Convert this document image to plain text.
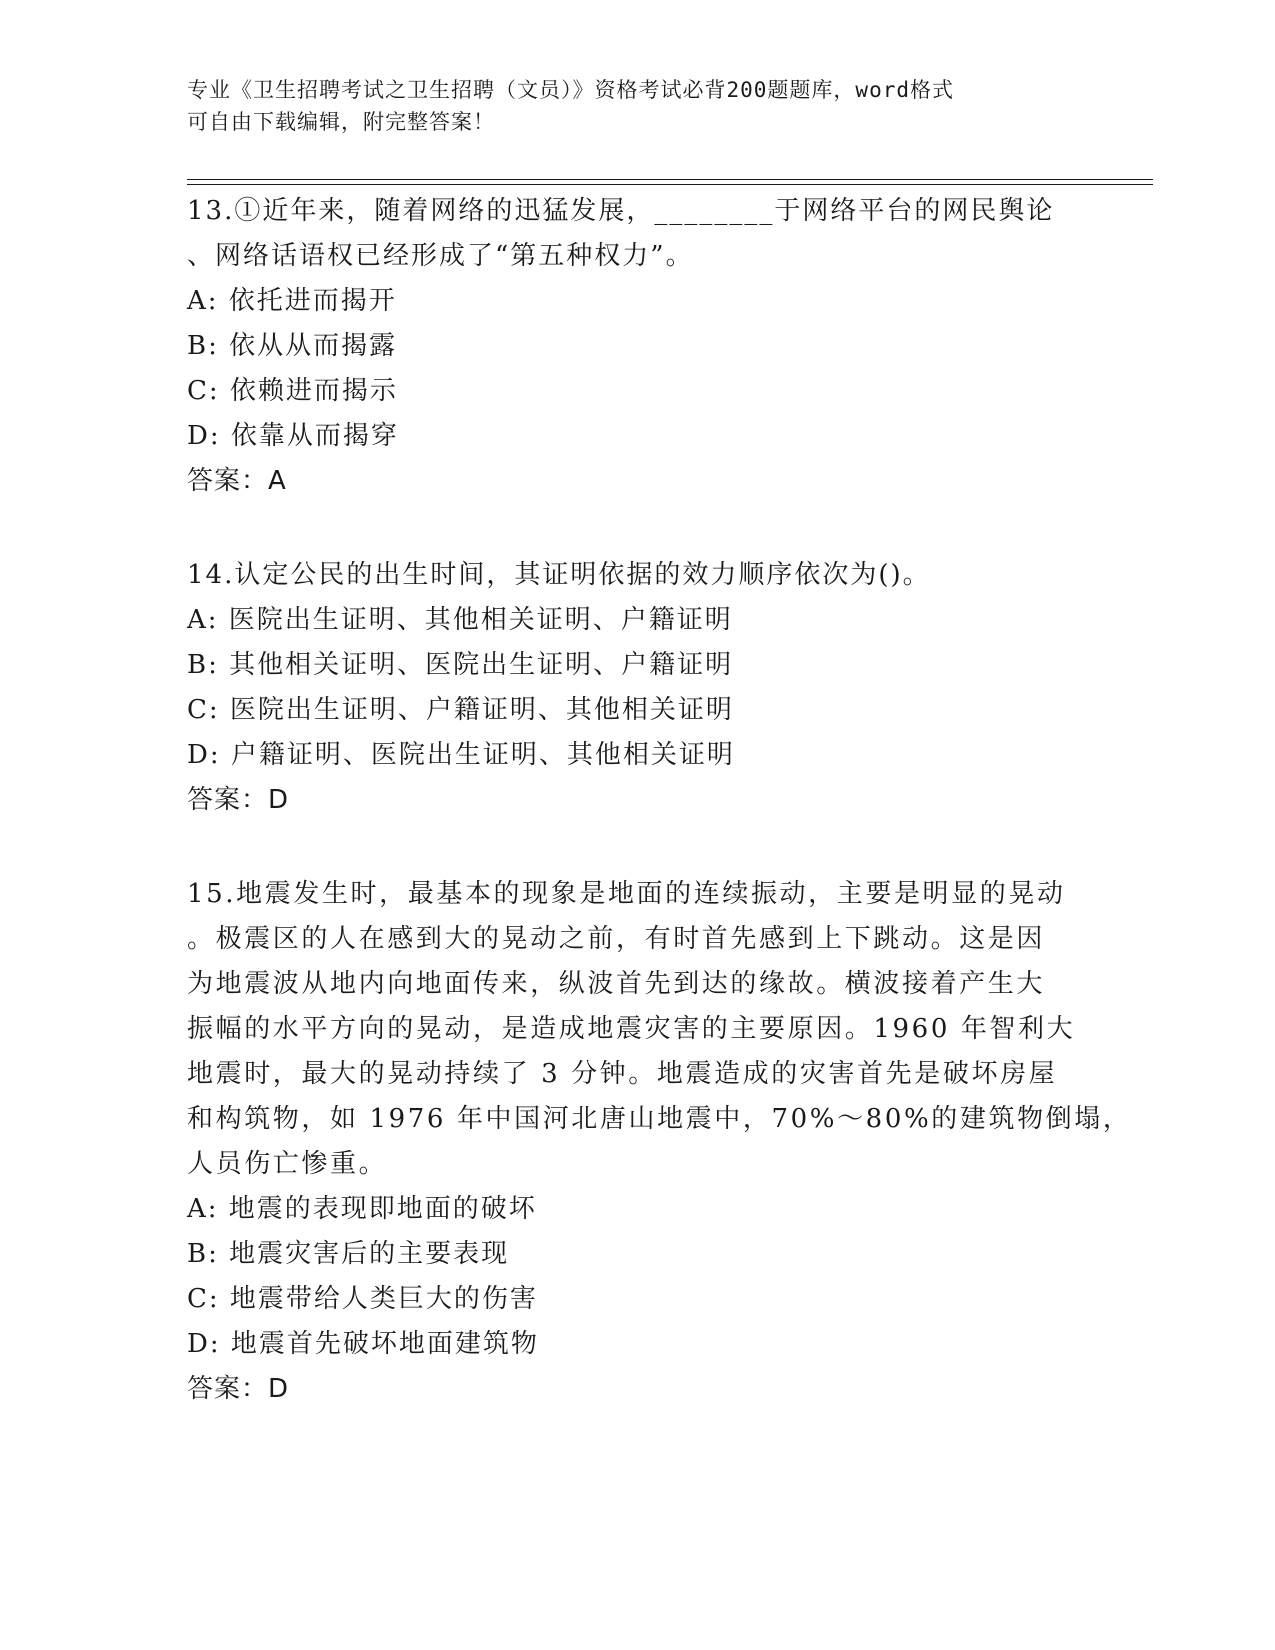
专业《卫生招聘考试之卫生招聘（文员）》资格考试必背200题题库，word格式

可自由下载编辑，附完整答案！

13.①近年来，随着网络的迅猛发展，________于网络平台的网民舆论

、网络话语权已经形成了“第五种权力”。

A: 依托进而揭开

B: 依从从而揭露

C: 依赖进而揭示

D: 依靠从而揭穿

答案：A

14.认定公民的出生时间，其证明依据的效力顺序依次为()。

A: 医院出生证明、其他相关证明、户籍证明

B: 其他相关证明、医院出生证明、户籍证明

C: 医院出生证明、户籍证明、其他相关证明

D: 户籍证明、医院出生证明、其他相关证明

答案：D

15.地震发生时，最基本的现象是地面的连续振动，主要是明显的晃动

。极震区的人在感到大的晃动之前，有时首先感到上下跳动。这是因

为地震波从地内向地面传来，纵波首先到达的缘故。横波接着产生大

振幅的水平方向的晃动，是造成地震灾害的主要原因。1960 年智利大

地震时，最大的晃动持续了 3 分钟。地震造成的灾害首先是破坏房屋

和构筑物，如 1976 年中国河北唐山地震中，70%～80%的建筑物倒塌，

人员伤亡惨重。

A: 地震的表现即地面的破坏

B: 地震灾害后的主要表现

C: 地震带给人类巨大的伤害

D: 地震首先破坏地面建筑物

答案：D
